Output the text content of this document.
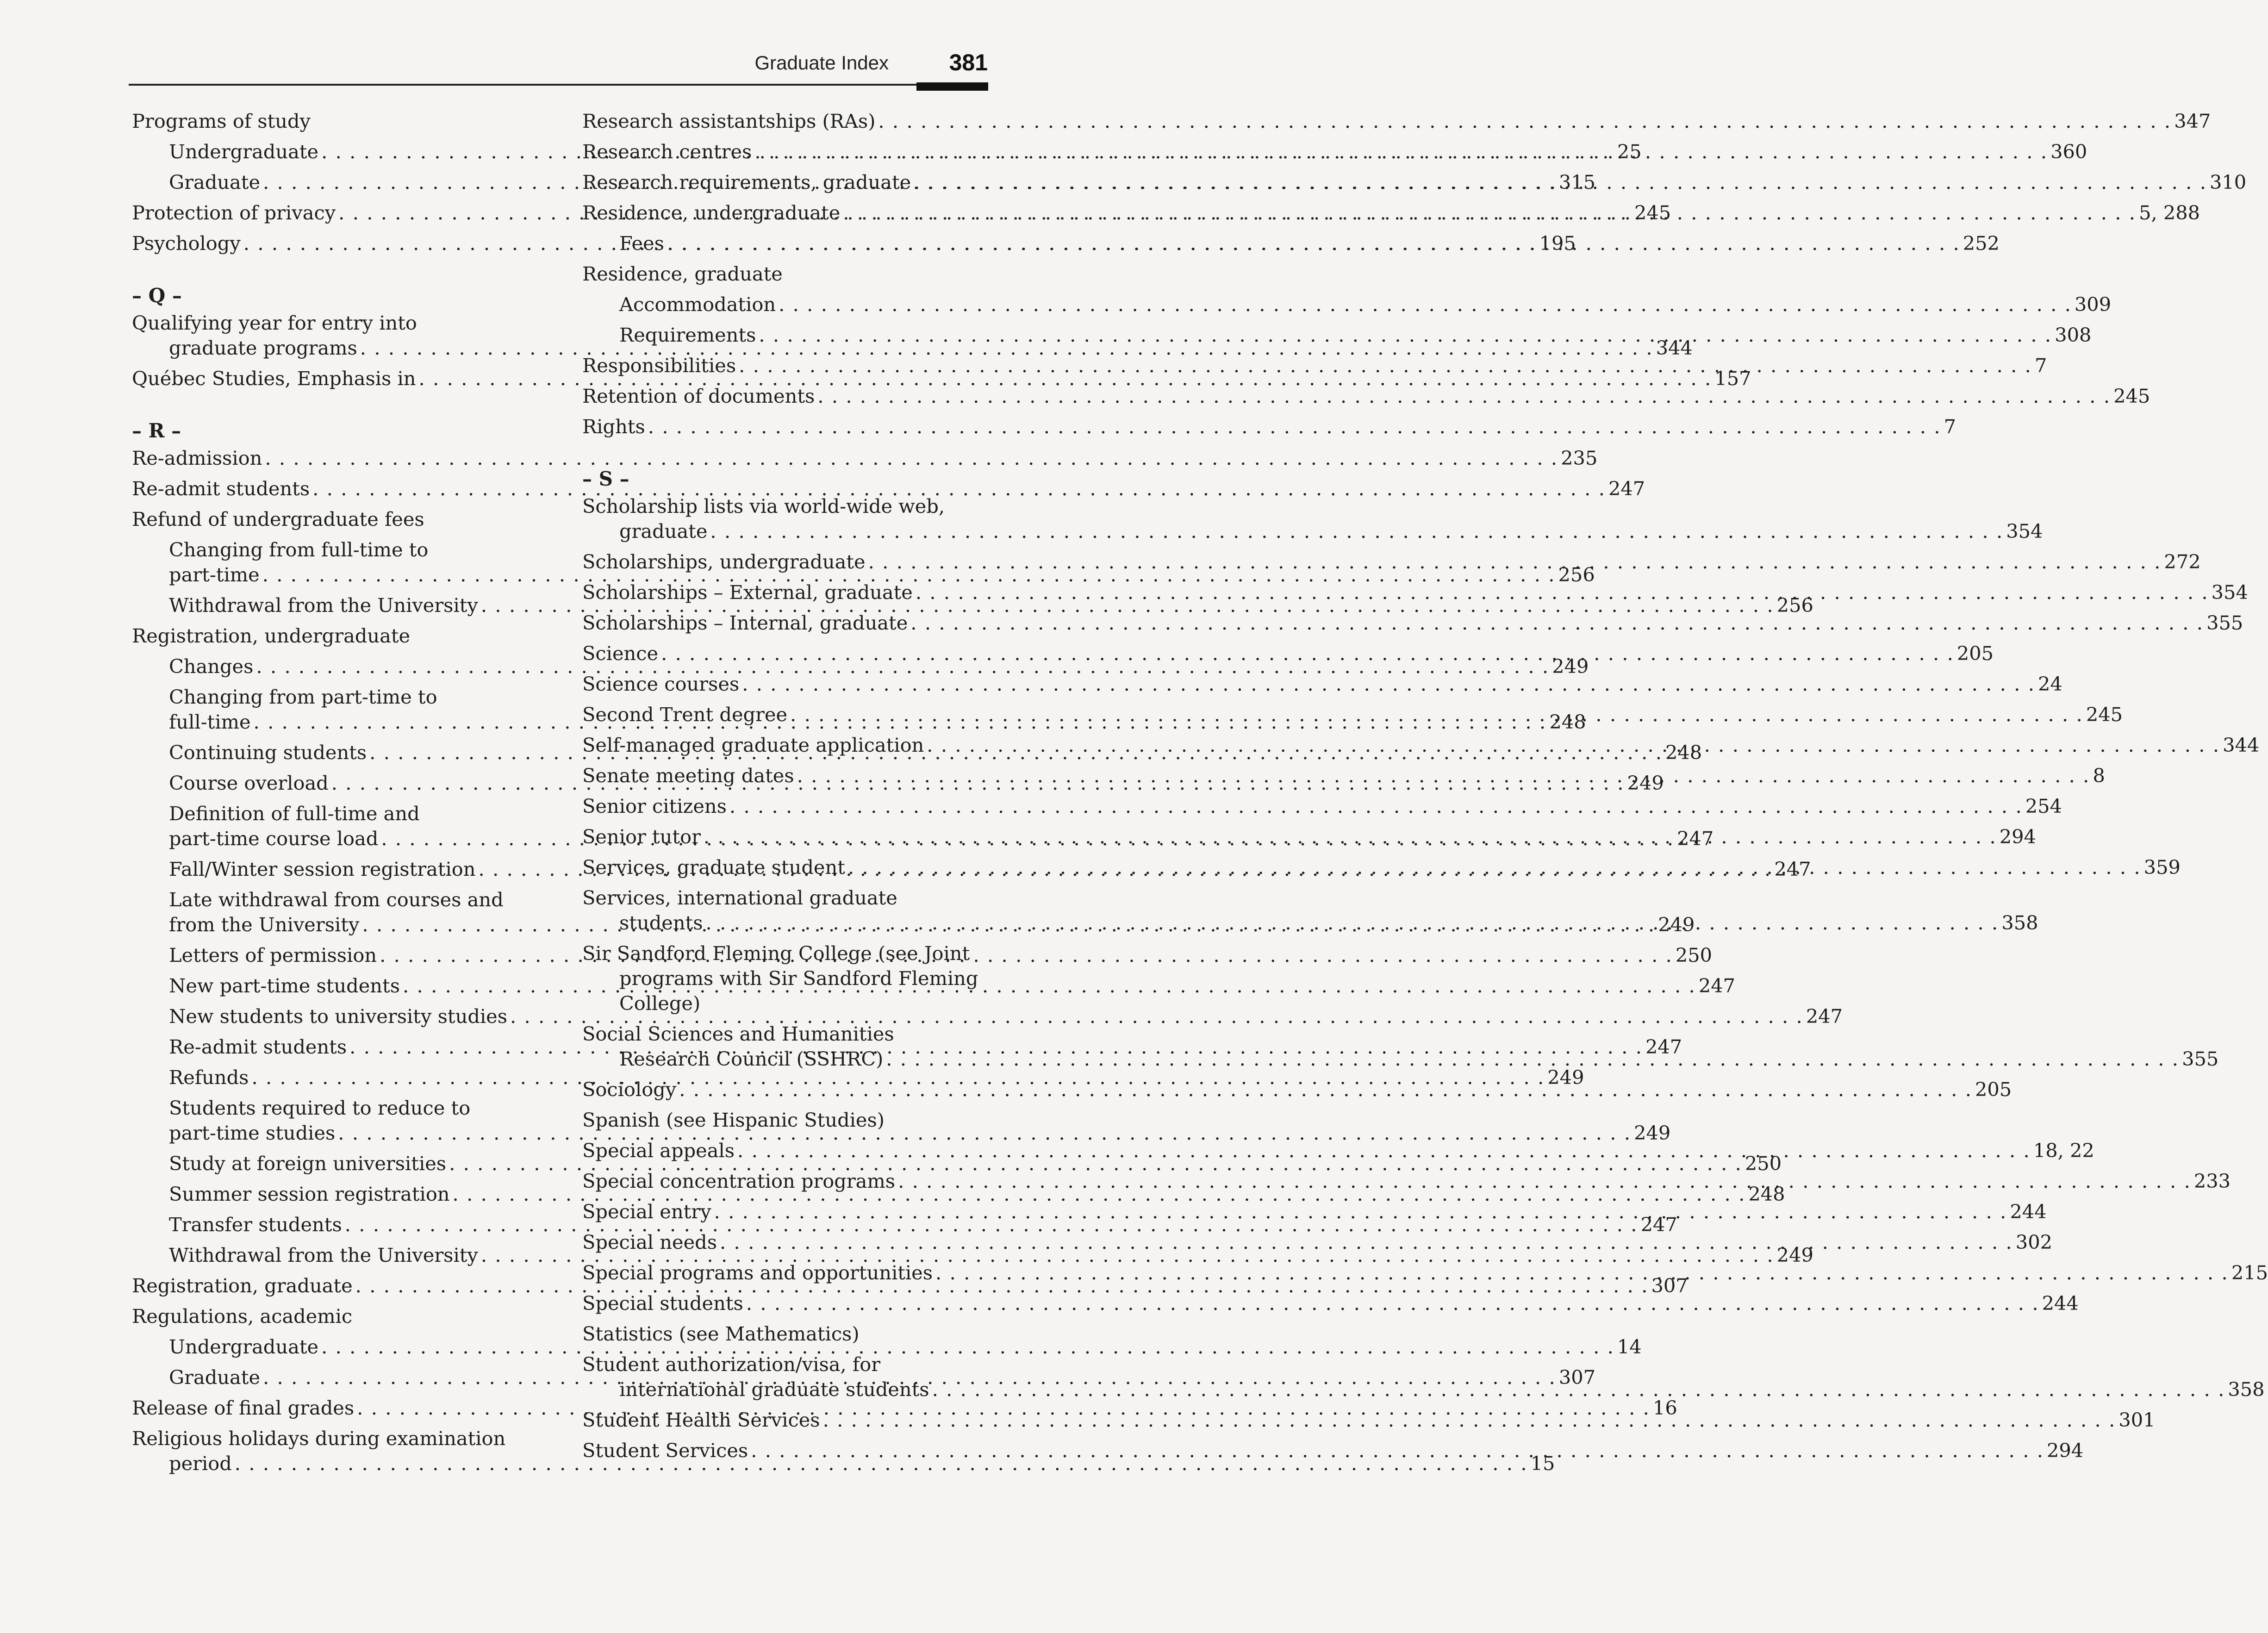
Graduate Index	381
Programs of study
Undergraduate . . .	25
Graduate . . .	315
Protection of privacy . . .	245
Psychology . . .	195
– Q –
Qualifying year for entry into
graduate programs . . .	344
Québec Studies, Emphasis in . . .	157
– R –
Re-admission . . .	235
Re-admit students . . .	247
Refund of undergraduate fees
Changing from full-time to
part-time . . .	256
Withdrawal from the University . . .	256
Registration, undergraduate
Changes . . .	249
Changing from part-time to
full-time . . .	248
Continuing students . . .	248
Course overload . . .	249
Definition of full-time and
part-time course load . . .	247
Fall/Winter session registration . . .	247
Late withdrawal from courses and
from the University . . .	249
Letters of permission . . .	250
New part-time students . . .	247
New students to university studies . . .	247
Re-admit students . . .	247
Refunds . . .	249
Students required to reduce to
part-time studies . . .	249
Study at foreign universities . . .	250
Summer session registration . . .	248
Transfer students . . .	247
Withdrawal from the University . . .	249
Registration, graduate . . .	307
Regulations, academic
Undergraduate . . .	14
Graduate . . .	307
Release of final grades . . .	16
Religious holidays during examination
period . . .	15
Research assistantships (RAs) . . .	347
Research centres . . .	360
Research requirements, graduate . . .	310
Residence, undergraduate . . .	5, 288
Fees . . .	252
Residence, graduate
Accommodation . . .	309
Requirements . . .	308
Responsibilities . . .	7
Retention of documents . . .	245
Rights . . .	7
– S –
Scholarship lists via world-wide web,
graduate . . .	354
Scholarships, undergraduate . . .	272
Scholarships – External, graduate . . .	354
Scholarships – Internal, graduate . . .	355
Science . . .	205
Science courses . . .	24
Second Trent degree . . .	245
Self-managed graduate application . . .	344
Senate meeting dates . . .	8
Senior citizens . . .	254
Senior tutor . . .	294
Services, graduate student . . .	359
Services, international graduate
students . . .	358
Sir Sandford Fleming College (see Joint
programs with Sir Sandford Fleming
College)
Social Sciences and Humanities
Research Council (SSHRC) . . .	355
Sociology . . .	205
Spanish (see Hispanic Studies)
Special appeals . . .	18, 22
Special concentration programs . . .	233
Special entry . . .	244
Special needs . . .	302
Special programs and opportunities . . .	215
Special students . . .	244
Statistics (see Mathematics)
Student authorization/visa, for
international graduate students . . .	358
Student Health Services . . .	301
Student Services . . .	294
